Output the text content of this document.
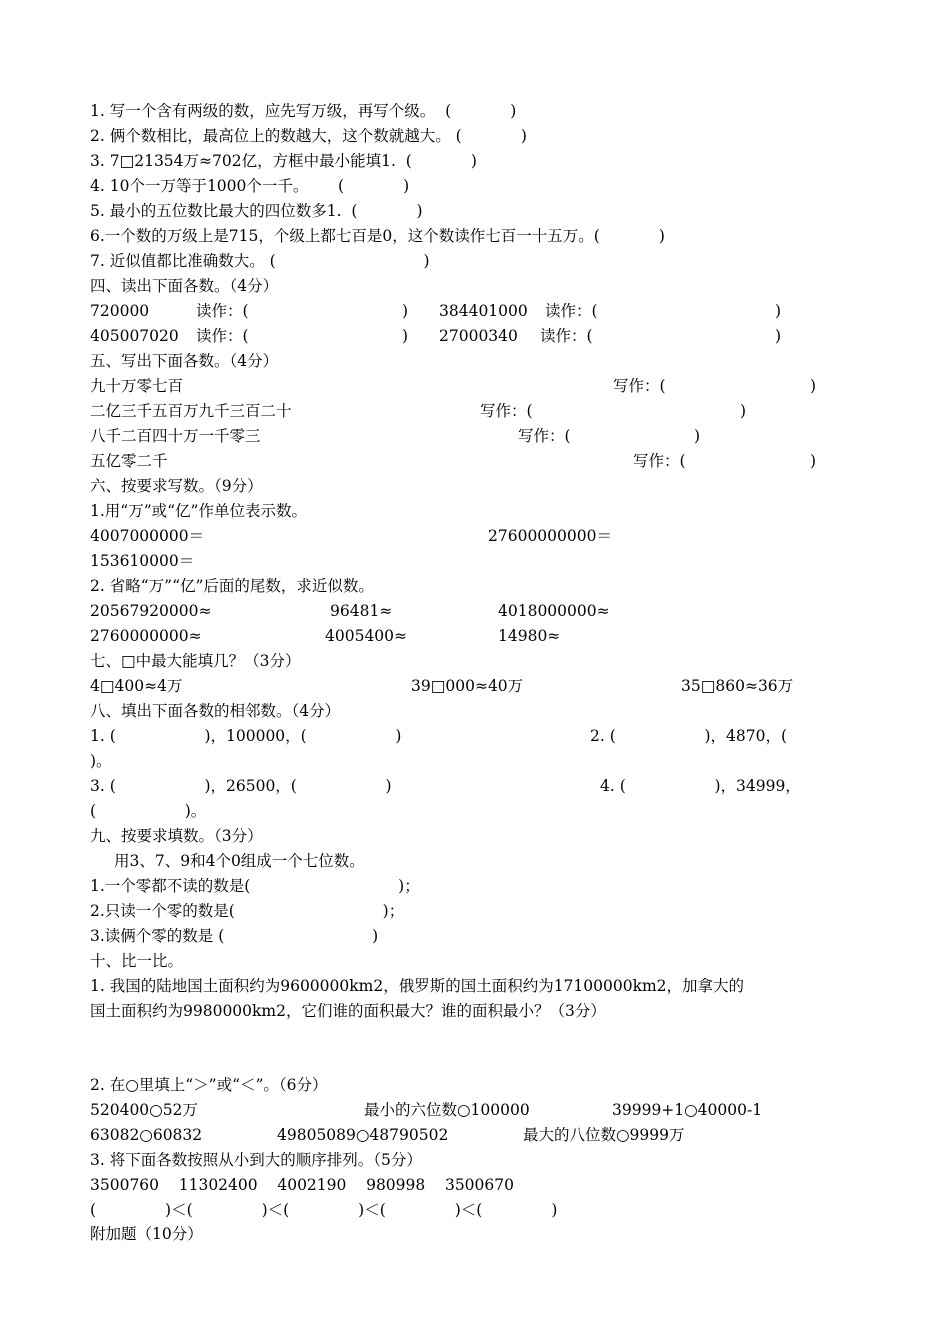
1. 写一个含有两级的数，应先写万级，再写个级。  (            )
2. 俩个数相比，最高位上的数越大，这个数就越大。 (            )
3. 7□21354万≈702亿，方框中最小能填1.  (            )
4. 10个一万等于1000个一千。      (            )
5. 最小的五位数比最大的四位数多1.  (            )
6.一个数的万级上是715，个级上都七百是0，这个数读作七百一十五万。(            )
7. 近似值都比准确数大。 (                              )
四、读出下面各数。（4分）
720000	读作：(	) 384401000 读作：(	)
405007020 读作：(	) 27000340 读作：(	)
五、写出下面各数。（4分）
九十万零七百	写作：(	)
二亿三千五百万九千三百二十	写作：(	)
八千二百四十万一千零三	写作：(	)
五亿零二千	写作：(	)
六、按要求写数。（9分）
1.用“万”或“亿”作单位表示数。
4007000000＝	27600000000＝
153610000＝
2. 省略“万”“亿”后面的尾数，求近似数。
20567920000≈	96481≈	4018000000≈
2760000000≈	4005400≈	14980≈
七、□中最大能填几？（3分）
4□400≈4万	39□000≈40万	35□860≈36万
八、填出下面各数的相邻数。（4分）
1. (                  )，100000，(                  )	2. (                  )，4870，(
)。
3. (                  )，26500，(                  )	4. (                  )，34999，
(                  )。
九、按要求填数。（3分）
用3、7、9和4个0组成一个七位数。
1.一个零都不读的数是(                              )；
2.只读一个零的数是(                              )；
3.读俩个零的数是 (                              )
十、比一比。
1. 我国的陆地国土面积约为9600000km2，俄罗斯的国土面积约为17100000km2，加拿大的
国土面积约为9980000km2，它们谁的面积最大？谁的面积最小？（3分）
2. 在○里填上“＞”或“＜”。（6分）
520400○52万	最小的六位数○100000	39999+1○40000-1
63082○60832	49805089○48790502	最大的八位数○9999万
3. 将下面各数按照从小到大的顺序排列。（5分）
3500760    11302400    4002190    980998    3500670
(              )＜(              )＜(              )＜(              )＜(              )
附加题（10分）
